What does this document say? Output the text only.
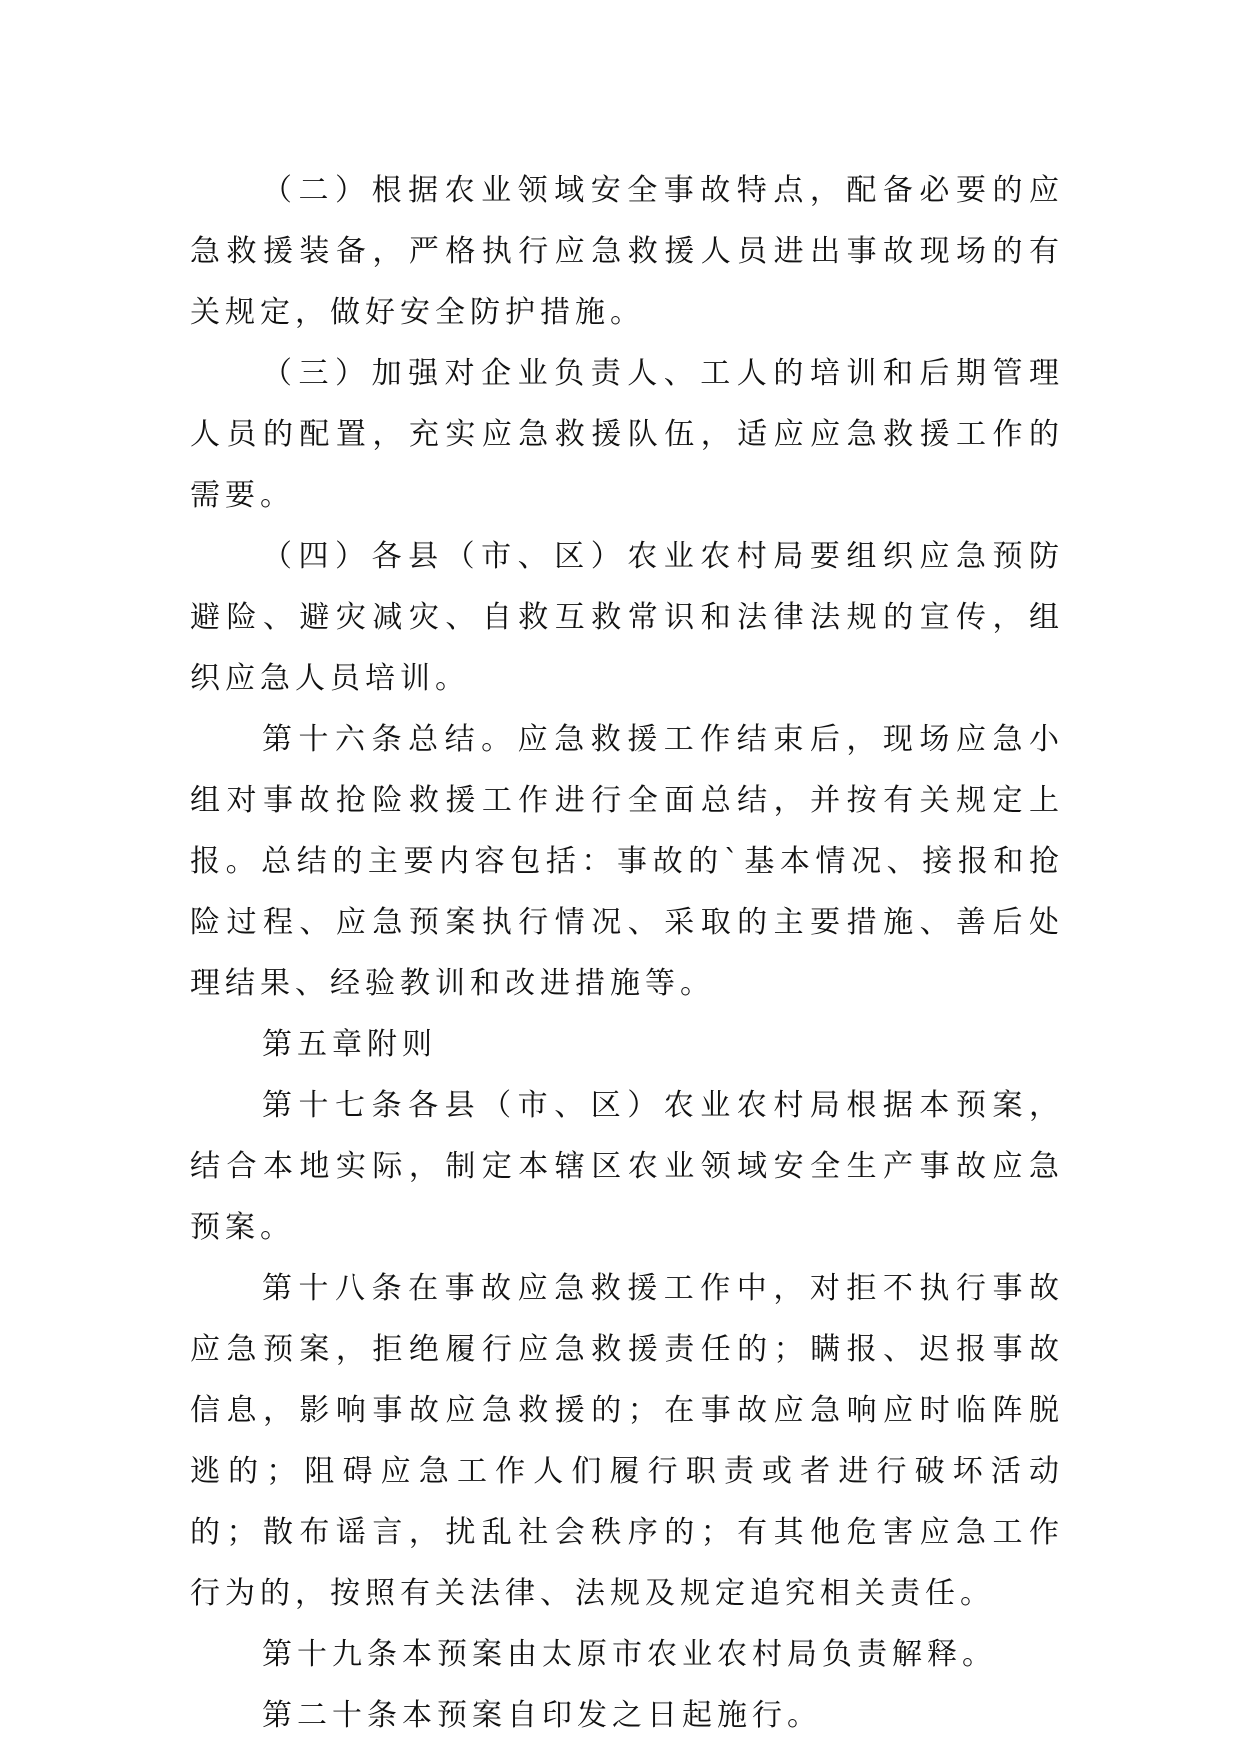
（二）根据农业领域安全事故特点，配备必要的应急救援装备，严格执行应急救援人员进出事故现场的有关规定，做好安全防护措施。

（三）加强对企业负责人、工人的培训和后期管理人员的配置，充实应急救援队伍，适应应急救援工作的需要。

（四）各县（市、区）农业农村局要组织应急预防避险、避灾减灾、自救互救常识和法律法规的宣传，组织应急人员培训。

第十六条总结。应急救援工作结束后，现场应急小组对事故抢险救援工作进行全面总结，并按有关规定上报。总结的主要内容包括：事故的`基本情况、接报和抢险过程、应急预案执行情况、采取的主要措施、善后处理结果、经验教训和改进措施等。

第五章附则

第十七条各县（市、区）农业农村局根据本预案，结合本地实际，制定本辖区农业领域安全生产事故应急预案。

第十八条在事故应急救援工作中，对拒不执行事故应急预案，拒绝履行应急救援责任的；瞒报、迟报事故信息，影响事故应急救援的；在事故应急响应时临阵脱逃的；阻碍应急工作人们履行职责或者进行破坏活动的；散布谣言，扰乱社会秩序的；有其他危害应急工作行为的，按照有关法律、法规及规定追究相关责任。

第十九条本预案由太原市农业农村局负责解释。

第二十条本预案自印发之日起施行。
